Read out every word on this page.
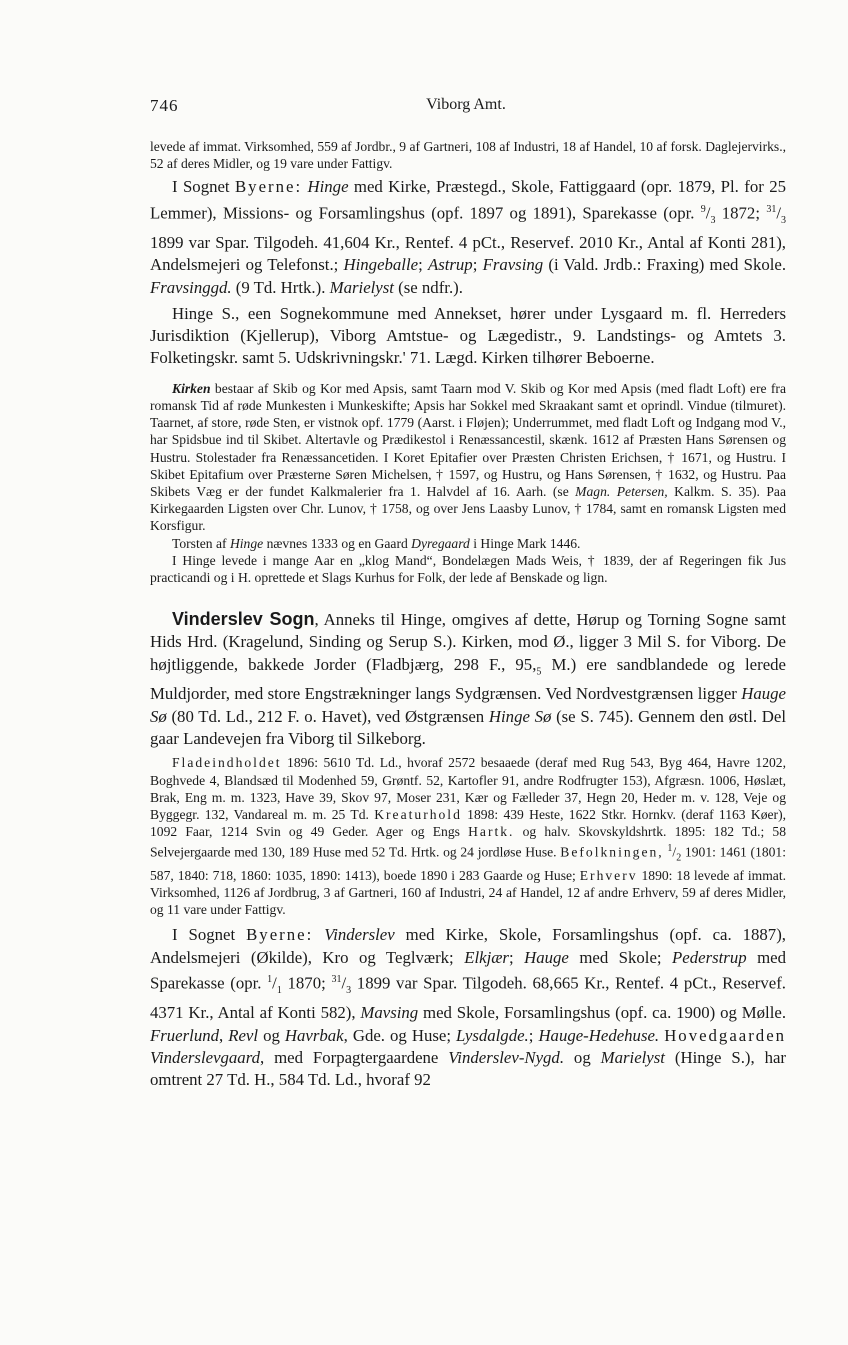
746	Viborg Amt.

levede af immat. Virksomhed, 559 af Jordbr., 9 af Gartneri, 108 af Industri, 18 af Handel, 10 af forsk. Daglejervirks., 52 af deres Midler, og 19 vare under Fattigv.

I Sognet Byerne: Hinge med Kirke, Præstegd., Skole, Fattiggaard (opr. 1879, Pl. for 25 Lemmer), Missions- og Forsamlingshus (opf. 1897 og 1891), Sparekasse (opr. $^9/_3$ 1872; $^{31}/_3$ 1899 var Spar. Tilgodeh. 41,604 Kr., Rentef. 4 pCt., Reservef. 2010 Kr., Antal af Konti 281), Andelsmejeri og Telefonst.; Hingeballe; Astrup; Fravsing (i Vald. Jrdb.: Fraxing) med Skole. Fravsinggd. (9 Td. Hrtk.). Marielyst (se ndfr.).

Hinge S., een Sognekommune med Annekset, hører under Lysgaard m. fl. Herreders Jurisdiktion (Kjellerup), Viborg Amtstue- og Lægedistr., 9. Landstings- og Amtets 3. Folketingskr. samt 5. Udskrivningskr.' 71. Lægd. Kirken tilhører Beboerne.

Kirken bestaar af Skib og Kor med Apsis, samt Taarn mod V. Skib og Kor med Apsis (med fladt Loft) ere fra romansk Tid af røde Munkesten i Munkeskifte; Apsis har Sokkel med Skraakant samt et oprindl. Vindue (tilmuret). Taarnet, af store, røde Sten, er vistnok opf. 1779 (Aarst. i Fløjen); Underrummet, med fladt Loft og Indgang mod V., har Spidsbue ind til Skibet. Altertavle og Prædikestol i Renæssancestil, skænk. 1612 af Præsten Hans Sørensen og Hustru. Stolestader fra Renæssancetiden. I Koret Epitafier over Præsten Christen Erichsen, † 1671, og Hustru. I Skibet Epitafium over Præsterne Søren Michelsen, † 1597, og Hustru, og Hans Sørensen, † 1632, og Hustru. Paa Skibets Væg er der fundet Kalkmalerier fra 1. Halvdel af 16. Aarh. (se Magn. Petersen, Kalkm. S. 35). Paa Kirkegaarden Ligsten over Chr. Lunov, † 1758, og over Jens Laasby Lunov, † 1784, samt en romansk Ligsten med Korsfigur.

Torsten af Hinge nævnes 1333 og en Gaard Dyregaard i Hinge Mark 1446.

I Hinge levede i mange Aar en „klog Mand“, Bondelægen Mads Weis, † 1839, der af Regeringen fik Jus practicandi og i H. oprettede et Slags Kurhus for Folk, der lede af Benskade og lign.

Vinderslev Sogn, Anneks til Hinge, omgives af dette, Hørup og Torning Sogne samt Hids Hrd. (Kragelund, Sinding og Serup S.). Kirken, mod Ø., ligger 3 Mil S. for Viborg. De højtliggende, bakkede Jorder (Fladbjærg, 298 F., $95,_5$ M.) ere sandblandede og lerede Muldjorder, med store Engstrækninger langs Sydgrænsen. Ved Nordvestgrænsen ligger Hauge Sø (80 Td. Ld., 212 F. o. Havet), ved Østgrænsen Hinge Sø (se S. 745). Gennem den østl. Del gaar Landevejen fra Viborg til Silkeborg.

Fladeindholdet 1896: 5610 Td. Ld., hvoraf 2572 besaaede (deraf med Rug 543, Byg 464, Havre 1202, Boghvede 4, Blandsæd til Modenhed 59, Grøntf. 52, Kartofler 91, andre Rodfrugter 153), Afgræsn. 1006, Høslæt, Brak, Eng m. m. 1323, Have 39, Skov 97, Moser 231, Kær og Fælleder 37, Hegn 20, Heder m. v. 128, Veje og Byggegr. 132, Vandareal m. m. 25 Td. Kreaturhold 1898: 439 Heste, 1622 Stkr. Hornkv. (deraf 1163 Køer), 1092 Faar, 1214 Svin og 49 Geder. Ager og Engs Hartk. og halv. Skovskyldshrtk. 1895: 182 Td.; 58 Selvejergaarde med 130, 189 Huse med 52 Td. Hrtk. og 24 jordløse Huse. Befolkningen, $^1/_2$ 1901: 1461 (1801: 587, 1840: 718, 1860: 1035, 1890: 1413), boede 1890 i 283 Gaarde og Huse; Erhverv 1890: 18 levede af immat. Virksomhed, 1126 af Jordbrug, 3 af Gartneri, 160 af Industri, 24 af Handel, 12 af andre Erhverv, 59 af deres Midler, og 11 vare under Fattigv.

I Sognet Byerne: Vinderslev med Kirke, Skole, Forsamlingshus (opf. ca. 1887), Andelsmejeri (Økilde), Kro og Teglværk; Elkjær; Hauge med Skole; Pederstrup med Sparekasse (opr. $^1/_1$ 1870; $^{31}/_3$ 1899 var Spar. Tilgodeh. 68,665 Kr., Rentef. 4 pCt., Reservef. 4371 Kr., Antal af Konti 582), Mavsing med Skole, Forsamlingshus (opf. ca. 1900) og Mølle. Fruerlund, Revl og Havrbak, Gde. og Huse; Lysdalgde.; Hauge-Hedehuse. Hovedgaarden Vinderslevgaard, med Forpagtergaardene Vinderslev-Nygd. og Marielyst (Hinge S.), har omtrent 27 Td. H., 584 Td. Ld., hvoraf 92
